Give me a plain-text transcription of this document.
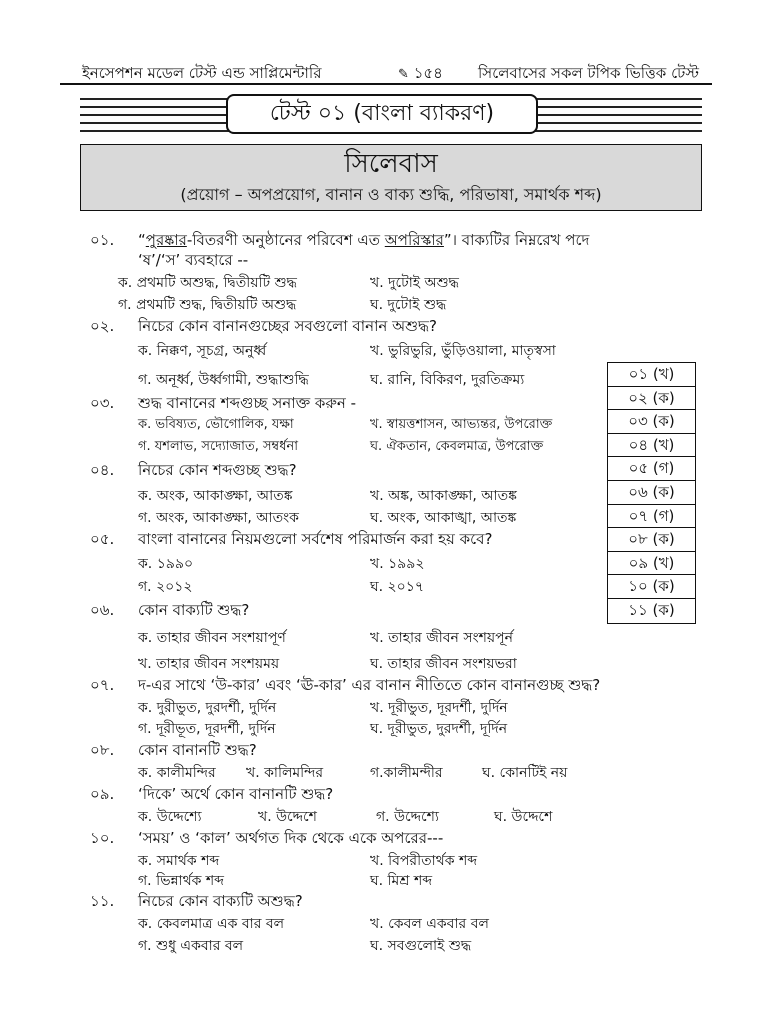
ইনসেপশন মডেল টেস্ট এন্ড সাপ্লিমেন্টারি	✎ ১৫৪ সিলেবাসের সকল টপিক ভিত্তিক টেস্ট
টেস্ট ০১ (বাংলা ব্যাকরণ)
সিলেবাস
(প্রয়োগ – অপপ্রয়োগ, বানান ও বাক্য শুদ্ধি, পরিভাষা, সমার্থক শব্দ)
০১. “পুরষ্কার-বিতরণী অনুষ্ঠানের পরিবেশ এত অপরিস্কার”। বাক্যটির নিম্নরেখ পদে
‘ষ’/‘স’ ব্যবহারে --
ক. প্রথমটি অশুদ্ধ, দ্বিতীয়টি শুদ্ধ	খ. দুটোই অশুদ্ধ
গ. প্রথমটি শুদ্ধ, দ্বিতীয়টি অশুদ্ধ	ঘ. দুটোই শুদ্ধ
০২. নিচের কোন বানানগুচ্ছের সবগুলো বানান অশুদ্ধ?
ক. নিক্কণ, সূচগ্র, অনুর্ধ্ব	খ. ভুরিভুরি, ভুঁড়িওয়ালা, মাতৃস্বসা
গ. অনূর্ধ্ব, উর্ধ্বগামী, শুদ্ধাশুদ্ধি	ঘ. রানি, বিকিরণ, দুরতিক্রম্য
০৩. শুদ্ধ বানানের শব্দগুচ্ছ সনাক্ত করুন -
ক. ভবিষ্যত, ভৌগোলিক, যক্ষা	খ. স্বায়ত্তশাসন, আভ্যন্তর, উপরোক্ত
গ. যশলাভ, সদ্যোজাত, সম্বর্ধনা	ঘ. ঐকতান, কেবলমাত্র, উপরোক্ত
০৪. নিচের কোন শব্দগুচ্ছ শুদ্ধ?
ক. অংক, আকাঙ্ক্ষা, আতঙ্ক	খ. অঙ্ক, আকাঙ্ক্ষা, আতঙ্ক
গ. অংক, আকাঙ্ক্ষা, আতংক	ঘ. অংক, আকাঙ্খা, আতঙ্ক
০৫. বাংলা বানানের নিয়মগুলো সর্বশেষ পরিমার্জন করা হয় কবে?
ক. ১৯৯০	খ. ১৯৯২
গ. ২০১২	ঘ. ২০১৭
০৬. কোন বাক্যটি শুদ্ধ?
ক. তাহার জীবন সংশয়াপূর্ণ	খ. তাহার জীবন সংশয়পূর্ন
খ. তাহার জীবন সংশয়ময়	ঘ. তাহার জীবন সংশয়ভরা
০৭. দ-এর সাথে ‘উ-কার’ এবং ‘ঊ-কার’ এর বানান নীতিতে কোন বানানগুচ্ছ শুদ্ধ?
ক. দুরীভুত, দুরদর্শী, দুর্দিন	খ. দূরীভুত, দূরদর্শী, দুর্দিন
গ. দূরীভূত, দূরদর্শী, দুর্দিন	ঘ. দূরীভুত, দুরদর্শী, দূর্দিন
০৮. কোন বানানটি শুদ্ধ?
ক. কালীমন্দির খ. কালিমন্দির	গ.কালীমন্দীর	ঘ. কোনটিই নয়
০৯. ‘দিকে’ অর্থে কোন বানানটি শুদ্ধ?
ক. উদ্দেশ্যে	খ. উদ্দেশে	গ. উদ্দেশ্যে	ঘ. উদ্দেশে
১০. ‘সময়’ ও ‘কাল’ অর্থগত দিক থেকে একে অপরের---
ক. সমার্থক শব্দ	খ. বিপরীতার্থক শব্দ
গ. ভিন্নার্থক শব্দ	ঘ. মিশ্র শব্দ
১১. নিচের কোন বাক্যটি অশুদ্ধ?
ক. কেবলমাত্র এক বার বল	খ. কেবল একবার বল
গ. শুধু একবার বল	ঘ. সবগুলোই শুদ্ধ
০১ (খ)
০২ (ক)
০৩ (ক)
০৪ (খ)
০৫ (গ)
০৬ (ক)
০৭ (গ)
০৮ (ক)
০৯ (খ)
১০ (ক)
১১ (ক)
